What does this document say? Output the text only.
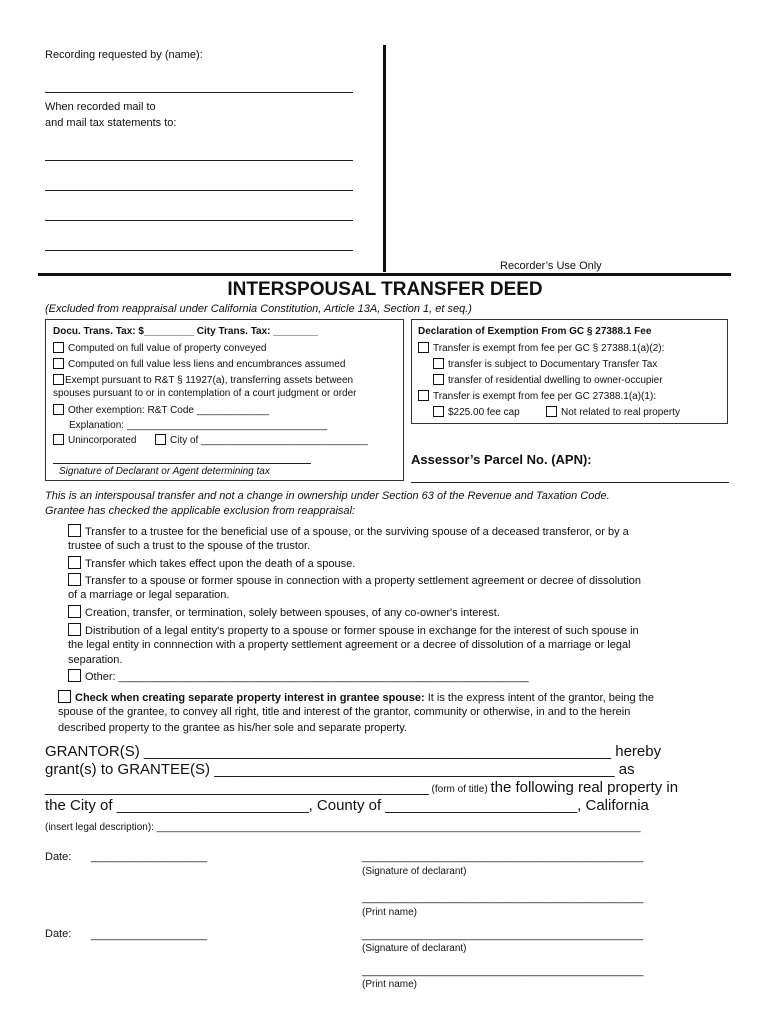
Recording requested by (name):
When recorded mail to
and mail tax statements to:
Recorder’s Use Only
INTERSPOUSAL TRANSFER DEED
(Excluded from reappraisal under California Constitution, Article 13A, Section 1, et seq.)
Docu. Trans. Tax: $_________ City Trans. Tax: ________
Computed on full value of property conveyed
Computed on full value less liens and encumbrances assumed
Exempt pursuant to R&T § 11927(a), transferring assets between
spouses pursuant to or in contemplation of a court judgment or order
Other exemption: R&T Code _____________
Explanation: ____________________________________
Unincorporated	City of ______________________________
Signature of Declarant or Agent determining tax
Declaration of Exemption From GC § 27388.1 Fee
Transfer is exempt from fee per GC § 27388.1(a)(2):
transfer is subject to Documentary Transfer Tax
transfer of residential dwelling to owner-occupier
Transfer is exempt from fee per GC 27388.1(a)(1):
$225.00 fee cap	Not related to real property
Assessor’s Parcel No. (APN):
This is an interspousal transfer and not a change in ownership under Section 63 of the Revenue and Taxation Code.
Grantee has checked the applicable exclusion from reappraisal:
Transfer to a trustee for the beneficial use of a spouse, or the surviving spouse of a deceased transferor, or by a
trustee of such a trust to the spouse of the trustor.
Transfer which takes effect upon the death of a spouse.
Transfer to a spouse or former spouse in connection with a property settlement agreement or decree of dissolution
of a marriage or legal separation.
Creation, transfer, or termination, solely between spouses, of any co-owner's interest.
Distribution of a legal entity's property to a spouse or former spouse in exchange for the interest of such spouse in
the legal entity in connnection with a property settlement agreement or a decree of dissolution of a marriage or legal
separation.
Other: ___________________________________________________________________
Check when creating separate property interest in grantee spouse: It is the express intent of the grantor, being the
spouse of the grantee, to convey all right, title and interest of the grantor, community or otherwise, in and to the herein
described property to the grantee as his/her sole and separate property.
GRANTOR(S) ________________________________________________________ hereby
grant(s) to GRANTEE(S) ________________________________________________ as
______________________________________________ (form of title) the following real property in
the City of _______________________, County of _______________________, California
(insert legal description): _______________________________________________________________________________________
Date: ___________________	______________________________________________
(Signature of declarant)
______________________________________________
(Print name)
Date: ___________________	______________________________________________
(Signature of declarant)
______________________________________________
(Print name)
